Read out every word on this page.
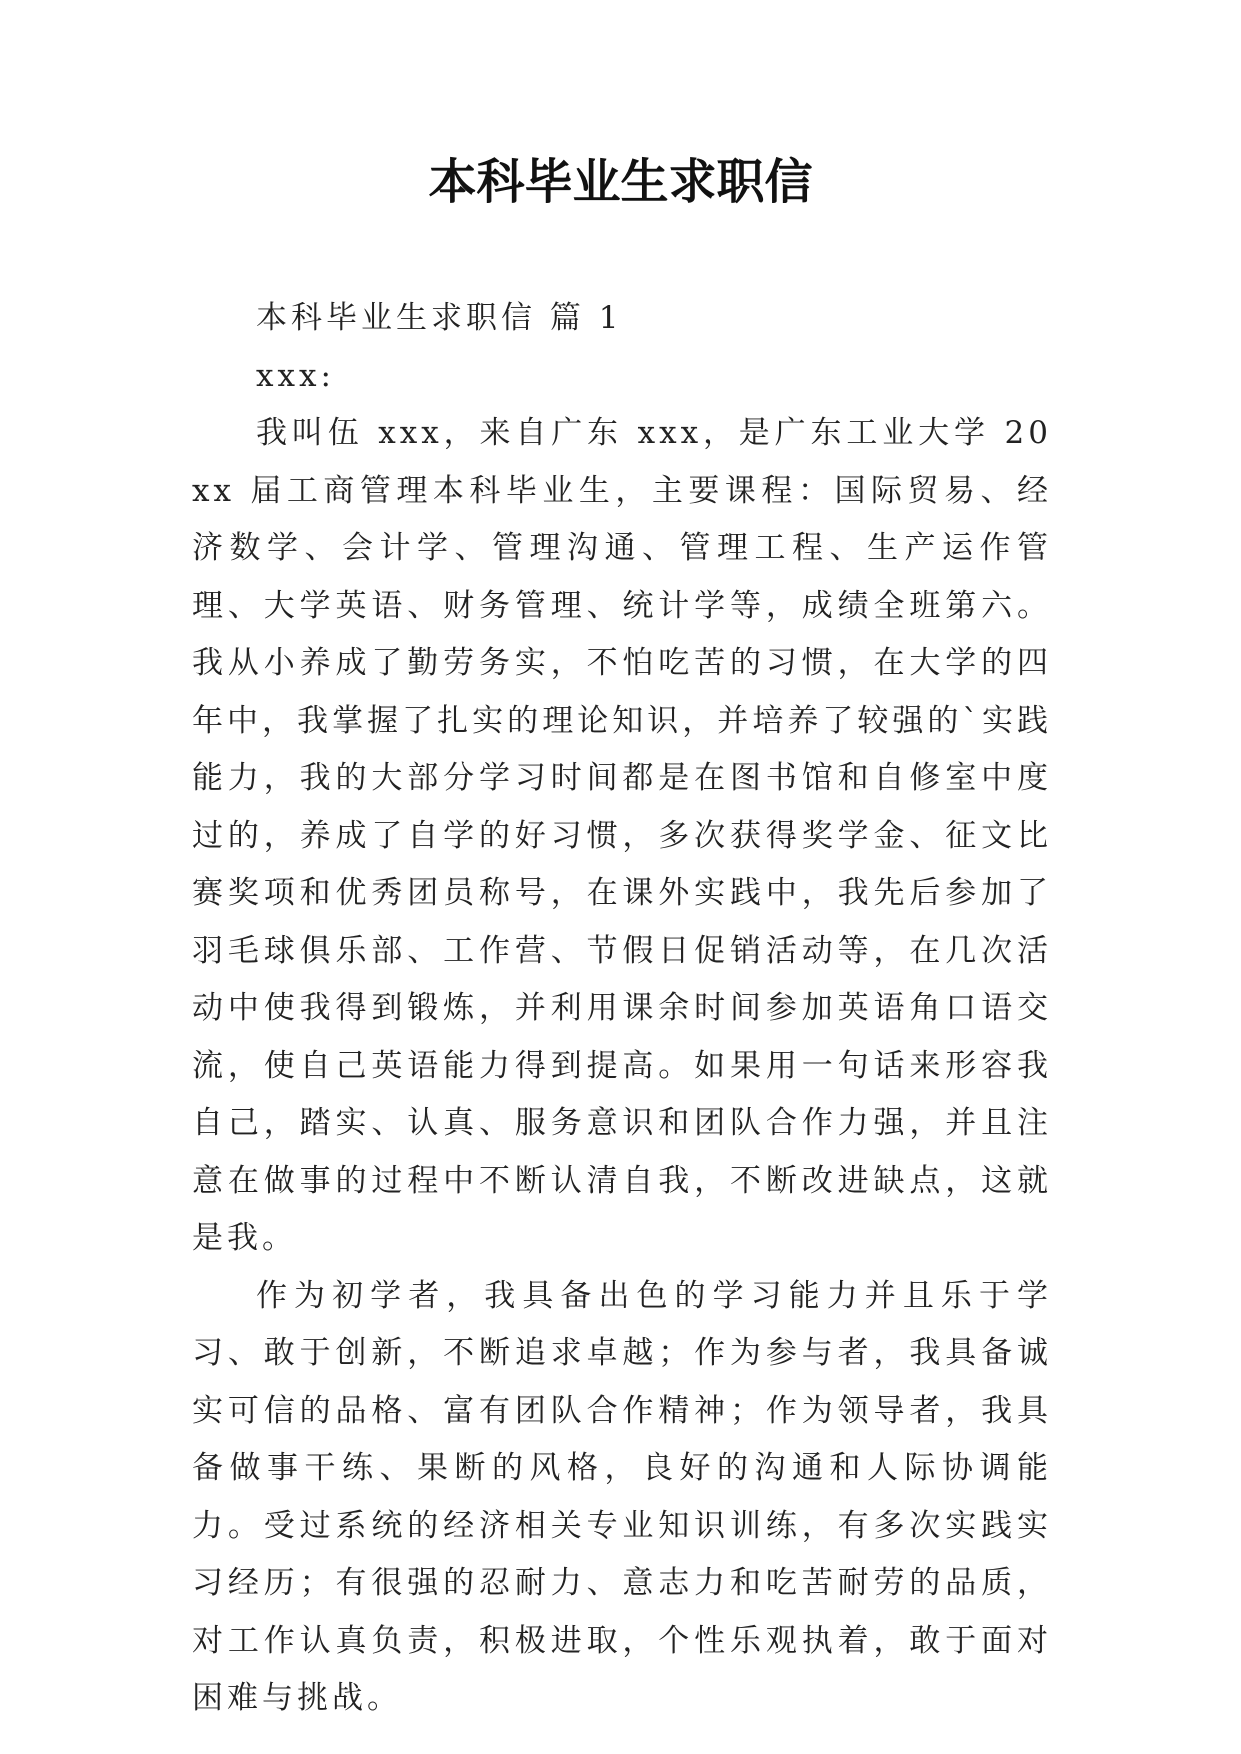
本科毕业生求职信

本科毕业生求职信 篇 1

xxx:

我叫伍 xxx，来自广东 xxx，是广东工业大学 20xx 届工商管理本科毕业生，主要课程：国际贸易、经济数学、会计学、管理沟通、管理工程、生产运作管理、大学英语、财务管理、统计学等，成绩全班第六。我从小养成了勤劳务实，不怕吃苦的习惯，在大学的四年中，我掌握了扎实的理论知识，并培养了较强的`实践能力，我的大部分学习时间都是在图书馆和自修室中度过的，养成了自学的好习惯，多次获得奖学金、征文比赛奖项和优秀团员称号，在课外实践中，我先后参加了羽毛球俱乐部、工作营、节假日促销活动等，在几次活动中使我得到锻炼，并利用课余时间参加英语角口语交流，使自己英语能力得到提高。如果用一句话来形容我自己，踏实、认真、服务意识和团队合作力强，并且注意在做事的过程中不断认清自我，不断改进缺点，这就是我。

作为初学者，我具备出色的学习能力并且乐于学习、敢于创新，不断追求卓越；作为参与者，我具备诚实可信的品格、富有团队合作精神；作为领导者，我具备做事干练、果断的风格，良好的沟通和人际协调能力。受过系统的经济相关专业知识训练，有多次实践实习经历；有很强的忍耐力、意志力和吃苦耐劳的品质，对工作认真负责，积极进取，个性乐观执着，敢于面对困难与挑战。
